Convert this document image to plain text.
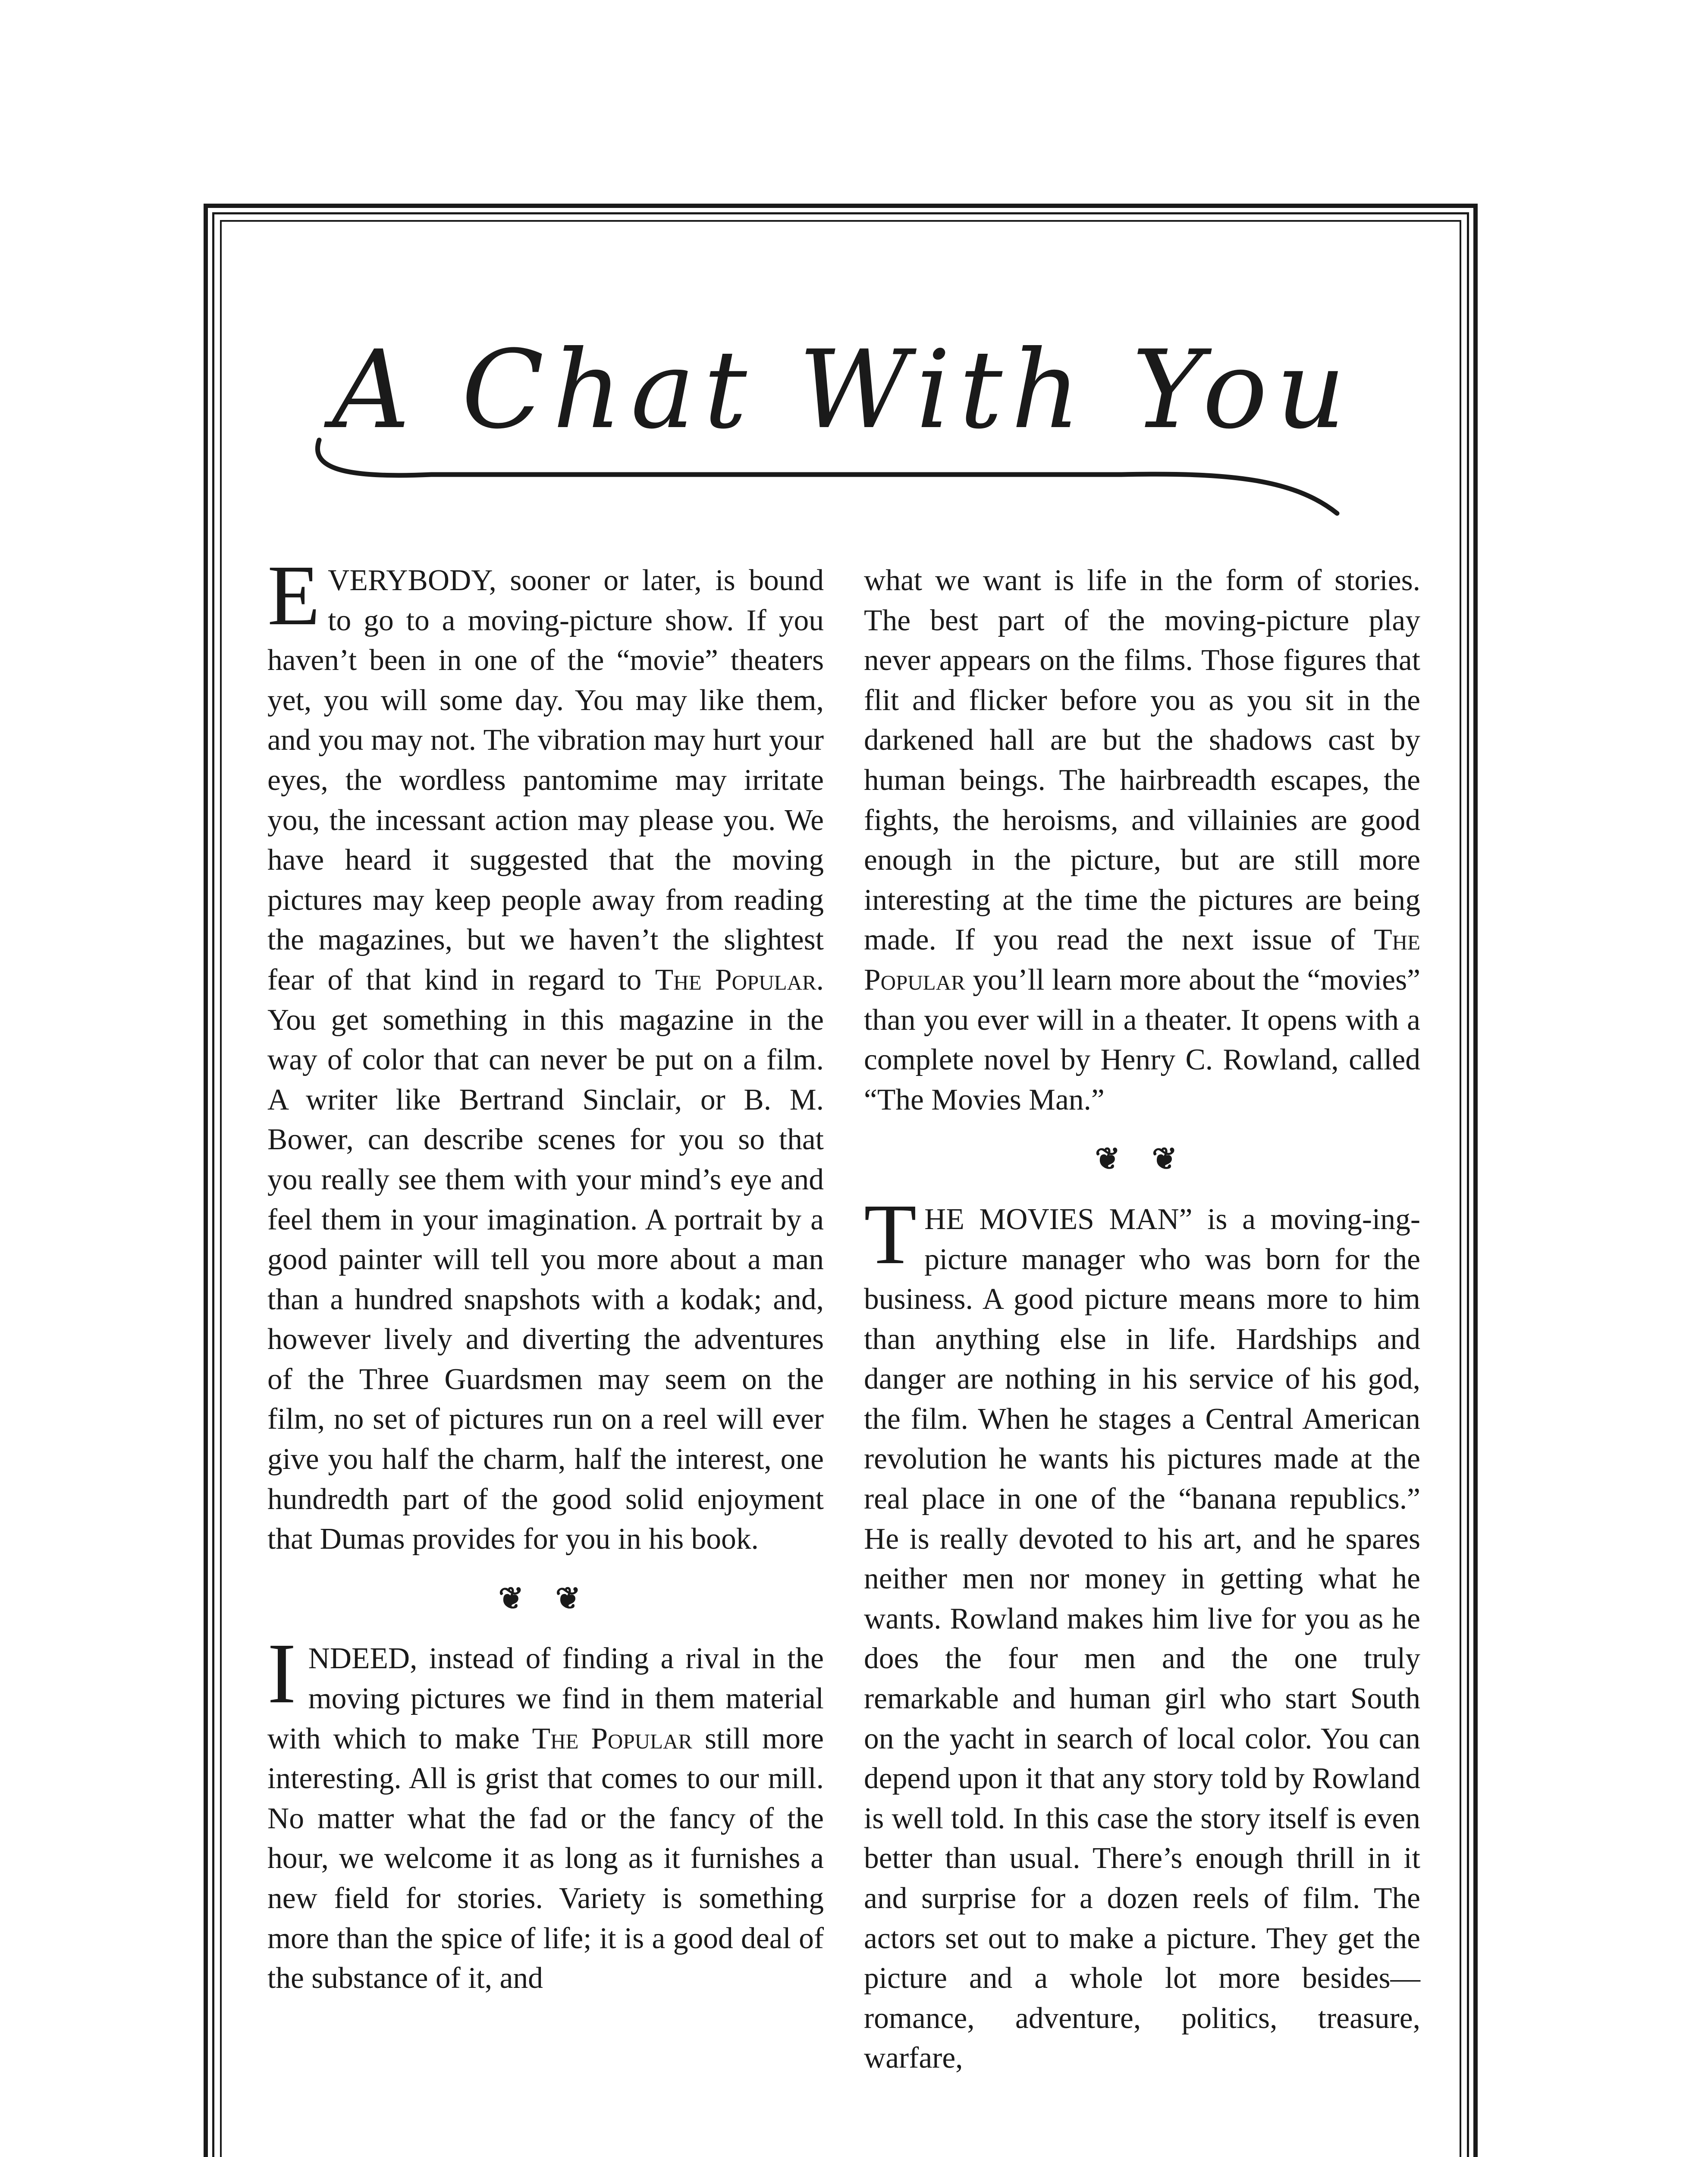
A Chat With You

EVERYBODY, sooner or later, is bound to go to a moving-picture show. If you haven’t been in one of the “movie” theaters yet, you will some day. You may like them, and you may not. The vibration may hurt your eyes, the wordless pantomime may irritate you, the incessant action may please you. We have heard it suggested that the moving pictures may keep people away from reading the magazines, but we haven’t the slightest fear of that kind in regard to The Popular. You get something in this magazine in the way of color that can never be put on a film. A writer like Bertrand Sinclair, or B. M. Bower, can describe scenes for you so that you really see them with your mind’s eye and feel them in your imagination. A portrait by a good painter will tell you more about a man than a hundred snapshots with a kodak; and, however lively and diverting the adventures of the Three Guardsmen may seem on the film, no set of pictures run on a reel will ever give you half the charm, half the interest, one hundredth part of the good solid enjoyment that Dumas provides for you in his book.

❦ ❦

INDEED, instead of finding a rival in the moving pictures we find in them material with which to make The Popular still more interesting. All is grist that comes to our mill. No matter what the fad or the fancy of the hour, we welcome it as long as it furnishes a new field for stories. Variety is something more than the spice of life; it is a good deal of the substance of it, and

what we want is life in the form of stories. The best part of the moving-picture play never appears on the films. Those figures that flit and flicker before you as you sit in the darkened hall are but the shadows cast by human beings. The hairbreadth escapes, the fights, the heroisms, and villainies are good enough in the picture, but are still more interesting at the time the pictures are being made. If you read the next issue of The Popular you’ll learn more about the “movies” than you ever will in a theater. It opens with a complete novel by Henry C. Rowland, called “The Movies Man.”

❦ ❦

THE MOVIES MAN” is a moving-ing-picture manager who was born for the business. A good picture means more to him than anything else in life. Hardships and danger are nothing in his service of his god, the film. When he stages a Central American revolution he wants his pictures made at the real place in one of the “banana republics.” He is really devoted to his art, and he spares neither men nor money in getting what he wants. Rowland makes him live for you as he does the four men and the one truly remarkable and human girl who start South on the yacht in search of local color. You can depend upon it that any story told by Rowland is well told. In this case the story itself is even better than usual. There’s enough thrill in it and surprise for a dozen reels of film. The actors set out to make a picture. They get the picture and a whole lot more besides—romance, adventure, politics, treasure, warfare,
